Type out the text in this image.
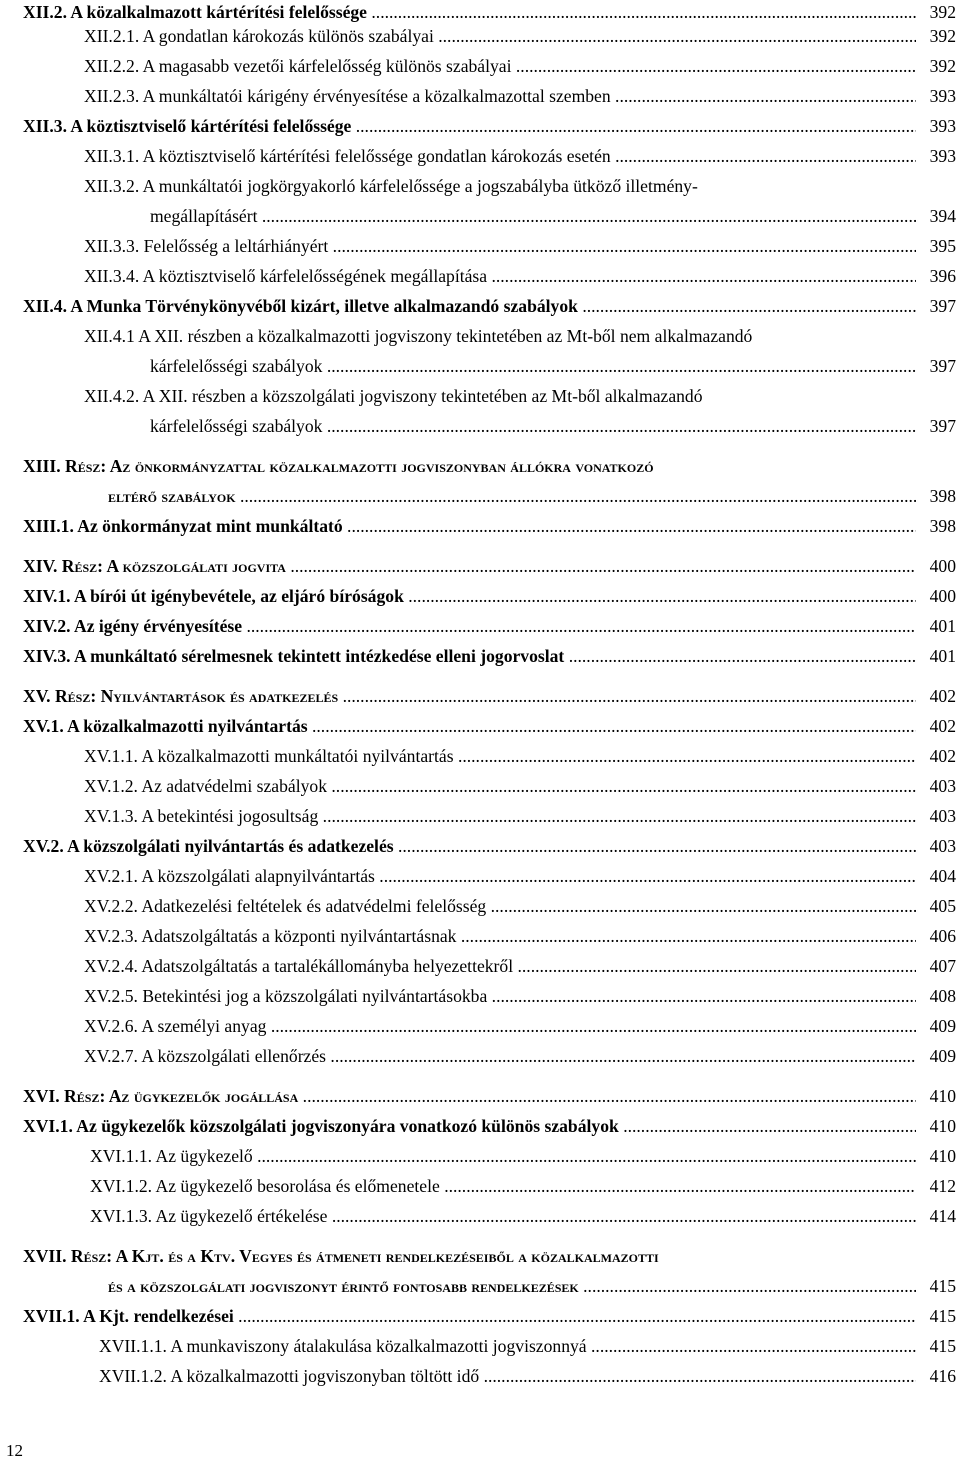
XII.2. A közalkalmazott kártérítési felelőssége .....	392
XII.2.1. A gondatlan károkozás különös szabályai .....	392
XII.2.2. A magasabb vezetői kárfelelősség különös szabályai .....	392
XII.2.3. A munkáltatói kárigény érvényesítése a közalkalmazottal szemben .....	393
XII.3. A köztisztviselő kártérítési felelőssége .....	393
XII.3.1. A köztisztviselő kártérítési felelőssége gondatlan károkozás esetén .....	393
XII.3.2. A munkáltatói jogkörgyakorló kárfelelőssége a jogszabályba ütköző illetmény-
megállapításért .....	394
XII.3.3. Felelősség a leltárhiányért .....	395
XII.3.4. A köztisztviselő kárfelelősségének megállapítása .....	396
XII.4. A Munka Törvénykönyvéből kizárt, illetve alkalmazandó szabályok .....	397
XII.4.1 A XII. részben a közalkalmazotti jogviszony tekintetében az Mt-ből nem alkalmazandó
kárfelelősségi szabályok .....	397
XII.4.2. A XII. részben a közszolgálati jogviszony tekintetében az Mt-ből alkalmazandó
kárfelelősségi szabályok .....	397
XIII. Rész: Az önkormányzattal közalkalmazotti jogviszonyban állókra vonatkozó
eltérő szabályok .....	398
XIII.1. Az önkormányzat mint munkáltató .....	398
XIV. Rész: A közszolgálati jogvita .....	400
XIV.1. A bírói út igénybevétele, az eljáró bíróságok .....	400
XIV.2. Az igény érvényesítése .....	401
XIV.3. A munkáltató sérelmesnek tekintett intézkedése elleni jogorvoslat .....	401
XV. Rész: Nyilvántartások és adatkezelés .....	402
XV.1. A közalkalmazotti nyilvántartás .....	402
XV.1.1. A közalkalmazotti munkáltatói nyilvántartás .....	402
XV.1.2. Az adatvédelmi szabályok .....	403
XV.1.3. A betekintési jogosultság .....	403
XV.2. A közszolgálati nyilvántartás és adatkezelés .....	403
XV.2.1. A közszolgálati alapnyilvántartás .....	404
XV.2.2. Adatkezelési feltételek és adatvédelmi felelősség .....	405
XV.2.3. Adatszolgáltatás a központi nyilvántartásnak .....	406
XV.2.4. Adatszolgáltatás a tartalékállományba helyezettekről .....	407
XV.2.5. Betekintési jog a közszolgálati nyilvántartásokba .....	408
XV.2.6. A személyi anyag .....	409
XV.2.7. A közszolgálati ellenőrzés .....	409
XVI. Rész: Az ügykezelők jogállása .....	410
XVI.1. Az ügykezelők közszolgálati jogviszonyára vonatkozó különös szabályok .....	410
XVI.1.1. Az ügykezelő .....	410
XVI.1.2. Az ügykezelő besorolása és előmenetele .....	412
XVI.1.3. Az ügykezelő értékelése .....	414
XVII. Rész: A Kjt. és a Ktv. Vegyes és átmeneti rendelkezéseiből a közalkalmazotti
és a közszolgálati jogviszonyt érintő fontosabb rendelkezések .....	415
XVII.1. A Kjt. rendelkezései .....	415
XVII.1.1. A munkaviszony átalakulása közalkalmazotti jogviszonnyá .....	415
XVII.1.2. A közalkalmazotti jogviszonyban töltött idő .....	416
12
